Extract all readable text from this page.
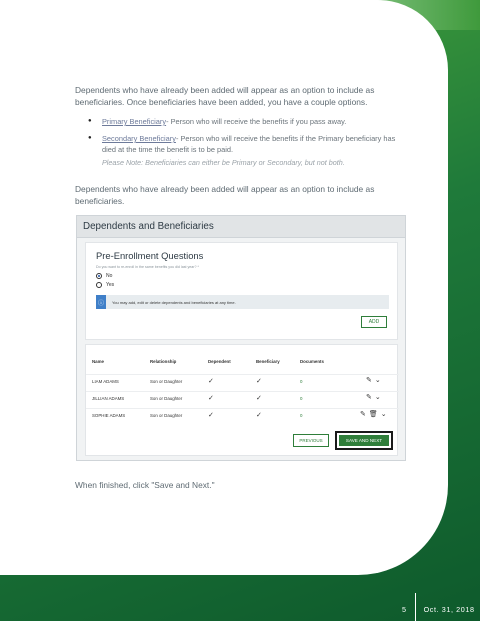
Dependents who have already been added will appear as an option to include as beneficiaries. Once beneficiaries have been added, you have a couple options.

● Primary Beneficiary- Person who will receive the benefits if you pass away.
● Secondary Beneficiary- Person who will receive the benefits if the Primary beneficiary has died at the time the benefit is to be paid.

Please Note: Beneficiaries can either be Primary or Secondary, but not both.

Dependents who have already been added will appear as an option to include as beneficiaries.

Dependents and Beneficiaries
Pre-Enrollment Questions
Do you want to re-enroll in the same benefits you did last year? *
No
Yes
ⓘ	You may add, edit or delete dependents and beneficiaries at any time.
ADD
Name	Relationship	Dependent	Beneficiary	Documents
LIAM ADAMS	Son or Daughter	✓	✓	0	✎ ⌄
JILLIAN ADAMS	Son or Daughter	✓	✓	0	✎ ⌄
SOPHIE ADAMS	Son or Daughter	✓	✓	0	✎ 🗑 ⌄
PREVIOUS	SAVE AND NEXT

When finished, click "Save and Next."

5 Oct. 31, 2018
